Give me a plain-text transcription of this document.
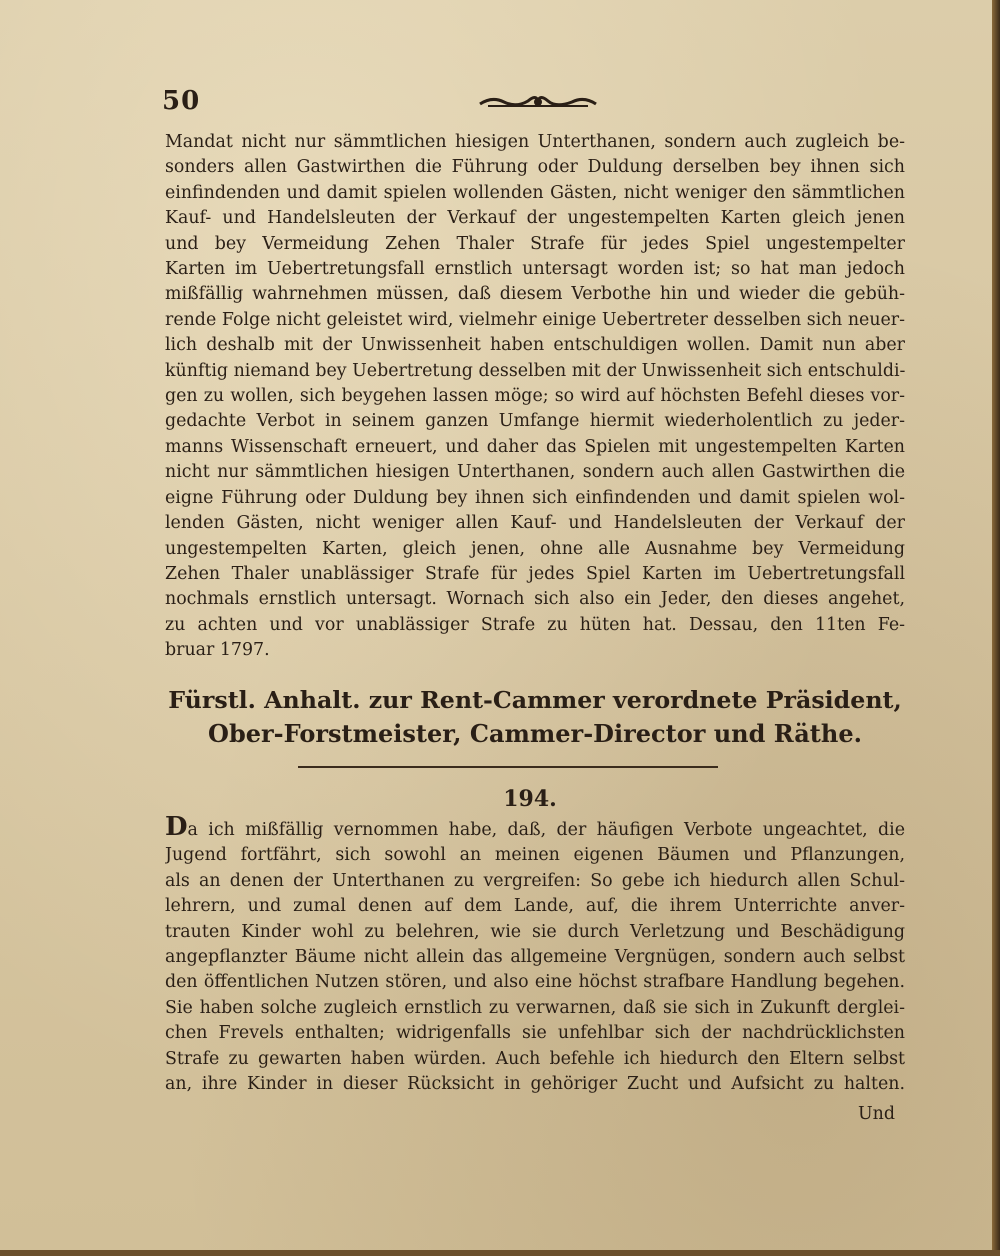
50
Mandat nicht nur sämmtlichen hiesigen Unterthanen, sondern auch zugleich be-
sonders allen Gastwirthen die Führung oder Duldung derselben bey ihnen sich
einfindenden und damit spielen wollenden Gästen, nicht weniger den sämmtlichen
Kauf- und Handelsleuten der Verkauf der ungestempelten Karten gleich jenen
und bey Vermeidung Zehen Thaler Strafe für jedes Spiel ungestempelter
Karten im Uebertretungsfall ernstlich untersagt worden ist; so hat man jedoch
mißfällig wahrnehmen müssen, daß diesem Verbothe hin und wieder die gebüh-
rende Folge nicht geleistet wird, vielmehr einige Uebertreter desselben sich neuer-
lich deshalb mit der Unwissenheit haben entschuldigen wollen. Damit nun aber
künftig niemand bey Uebertretung desselben mit der Unwissenheit sich entschuldi-
gen zu wollen, sich beygehen lassen möge; so wird auf höchsten Befehl dieses vor-
gedachte Verbot in seinem ganzen Umfange hiermit wiederholentlich zu jeder-
manns Wissenschaft erneuert, und daher das Spielen mit ungestempelten Karten
nicht nur sämmtlichen hiesigen Unterthanen, sondern auch allen Gastwirthen die
eigne Führung oder Duldung bey ihnen sich einfindenden und damit spielen wol-
lenden Gästen, nicht weniger allen Kauf- und Handelsleuten der Verkauf der
ungestempelten Karten, gleich jenen, ohne alle Ausnahme bey Vermeidung
Zehen Thaler unablässiger Strafe für jedes Spiel Karten im Uebertretungsfall
nochmals ernstlich untersagt. Wornach sich also ein Jeder, den dieses angehet,
zu achten und vor unablässiger Strafe zu hüten hat. Dessau, den 11ten Fe-
bruar 1797.
Fürstl. Anhalt. zur Rent-Cammer verordnete Präsident,
Ober-Forstmeister, Cammer-Director und Räthe.
194.
Da ich mißfällig vernommen habe, daß, der häufigen Verbote ungeachtet, die
Jugend fortfährt, sich sowohl an meinen eigenen Bäumen und Pflanzungen,
als an denen der Unterthanen zu vergreifen: So gebe ich hiedurch allen Schul-
lehrern, und zumal denen auf dem Lande, auf, die ihrem Unterrichte anver-
trauten Kinder wohl zu belehren, wie sie durch Verletzung und Beschädigung
angepflanzter Bäume nicht allein das allgemeine Vergnügen, sondern auch selbst
den öffentlichen Nutzen stören, und also eine höchst strafbare Handlung begehen.
Sie haben solche zugleich ernstlich zu verwarnen, daß sie sich in Zukunft derglei-
chen Frevels enthalten; widrigenfalls sie unfehlbar sich der nachdrücklichsten
Strafe zu gewarten haben würden. Auch befehle ich hiedurch den Eltern selbst
an, ihre Kinder in dieser Rücksicht in gehöriger Zucht und Aufsicht zu halten.
Und
